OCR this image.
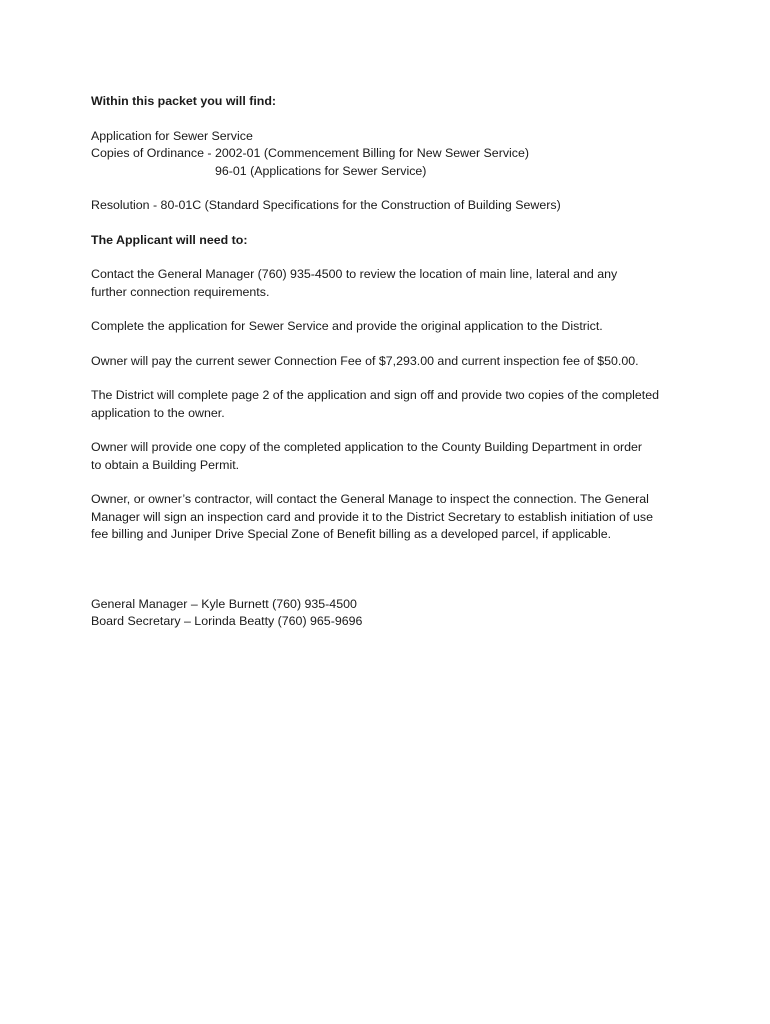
Within this packet you will find:
Application for Sewer Service
Copies of Ordinance - 2002-01 (Commencement Billing for New Sewer Service)
96-01 (Applications for Sewer Service)
Resolution - 80-01C (Standard Specifications for the Construction of Building Sewers)
The Applicant will need to:
Contact the General Manager (760) 935-4500 to review the location of main line, lateral and any
further connection requirements.
Complete the application for Sewer Service and provide the original application to the District.
Owner will pay the current sewer Connection Fee of $7,293.00 and current inspection fee of $50.00.
The District will complete page 2 of the application and sign off and provide two copies of the completed
application to the owner.
Owner will provide one copy of the completed application to the County Building Department in order
to obtain a Building Permit.
Owner, or owner’s contractor, will contact the General Manage to inspect the connection. The General
Manager will sign an inspection card and provide it to the District Secretary to establish initiation of use
fee billing and Juniper Drive Special Zone of Benefit billing as a developed parcel, if applicable.
General Manager – Kyle Burnett (760) 935-4500
Board Secretary – Lorinda Beatty (760) 965-9696
